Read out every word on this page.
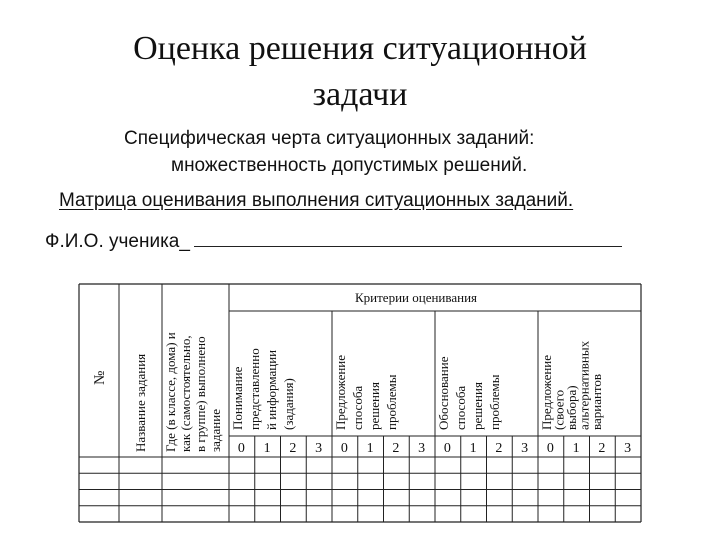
Оценка решения ситуационной
задачи
Специфическая черта ситуационных заданий:
множественность допустимых решений.
Матрица оценивания выполнения ситуационных заданий.
Ф.И.О. ученика_
Критерии оценивания
№ Название задания Где (в классе, дома) и как (самостоятельно, в группе) выполнено задание
Понимание представленно й информации (задания)
0 1 2 3
Предложение способа решения проблемы
0 1 2 3
Обоснование способа решения проблемы
0 1 2 3
Предложение
(своего
выбора)
альтернативных
вариантов
0 1 2 3
